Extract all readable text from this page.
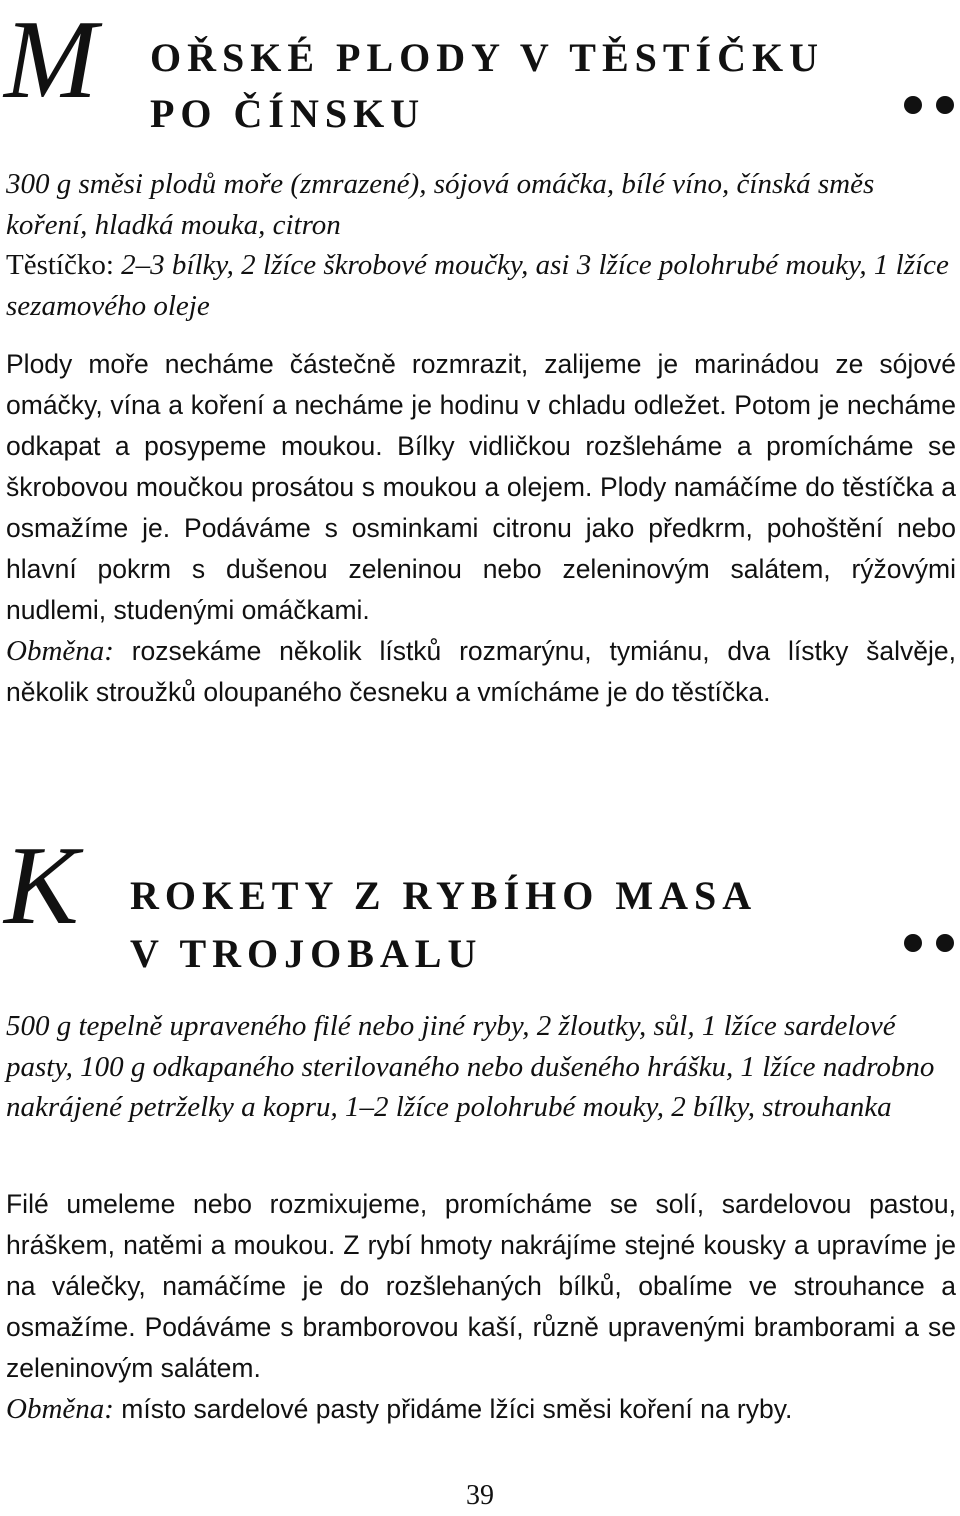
M OŘSKÉ PLODY V TĚSTÍČKU
PO ČÍNSKU

300 g směsi plodů moře (zmrazené), sójová omáčka, bílé víno, čínská směs koření, hladká mouka, citron

Těstíčko: 2–3 bílky, 2 lžíce škrobové moučky, asi 3 lžíce polohrubé mouky, 1 lžíce sezamového oleje

Plody moře necháme částečně rozmrazit, zalijeme je marinádou ze sójové omáčky, vína a koření a necháme je hodinu v chladu odležet. Potom je necháme odkapat a posypeme moukou. Bílky vidličkou rozšleháme a promícháme se škrobovou moučkou prosátou s moukou a olejem. Plody namáčíme do těstíčka a osmažíme je. Podáváme s osminkami citronu jako předkrm, pohoštění nebo hlavní pokrm s dušenou zeleninou nebo zeleninovým salátem, rýžovými nudlemi, studenými omáčkami.

Obměna: rozsekáme několik lístků rozmarýnu, tymiánu, dva lístky šalvěje, několik stroužků oloupaného česneku a vmícháme je do těstíčka.

K ROKETY Z RYBÍHO MASA
V TROJOBALU

500 g tepelně upraveného filé nebo jiné ryby, 2 žloutky, sůl, 1 lžíce sardelové pasty, 100 g odkapaného sterilovaného nebo dušeného hrášku, 1 lžíce nadrobno nakrájené petrželky a kopru, 1–2 lžíce polohrubé mouky, 2 bílky, strouhanka

Filé umeleme nebo rozmixujeme, promícháme se solí, sardelovou pastou, hráškem, natěmi a moukou. Z rybí hmoty nakrájíme stejné kousky a upravíme je na válečky, namáčíme je do rozšlehaných bílků, obalíme ve strouhance a osmažíme. Podáváme s bramborovou kaší, různě upravenými bramborami a se zeleninovým salátem.

Obměna: místo sardelové pasty přidáme lžíci směsi koření na ryby.

39
